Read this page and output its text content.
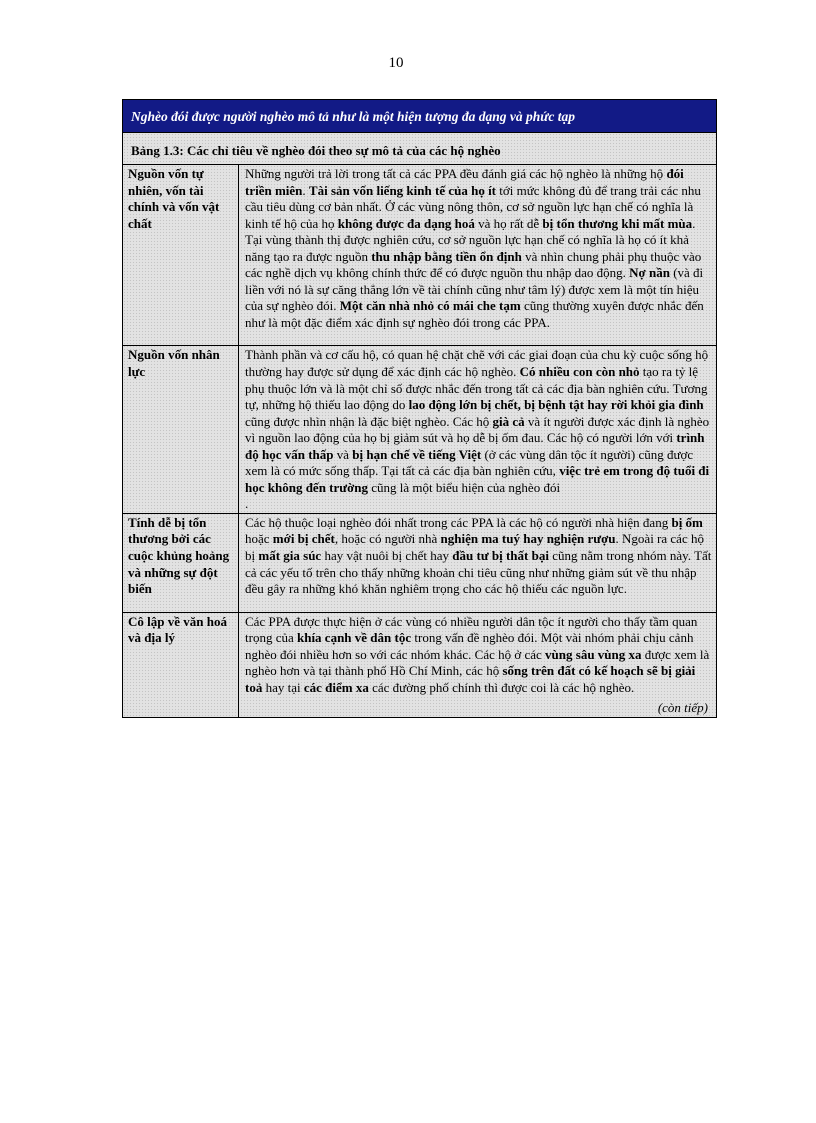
10
Nghèo đói được người nghèo mô tả như là một hiện tượng đa dạng và phức tạp
Bảng 1.3: Các chỉ tiêu về nghèo đói theo sự mô tả của các hộ nghèo
Nguồn vốn tự nhiên, vốn tài chính và vốn vật chất	Những người trả lời trong tất cả các PPA đều đánh giá các hộ nghèo là những hộ đói triền miên. Tài sản vốn liếng kinh tế của họ ít tới mức không đủ để trang trải các nhu cầu tiêu dùng cơ bản nhất. Ở các vùng nông thôn, cơ sở nguồn lực hạn chế có nghĩa là kinh tế hộ của họ không được đa dạng hoá và họ rất dễ bị tổn thương khi mất mùa. Tại vùng thành thị được nghiên cứu, cơ sở nguồn lực hạn chế có nghĩa là họ có ít khả năng tạo ra được nguồn thu nhập bằng tiền ổn định và nhìn chung phải phụ thuộc vào các nghề dịch vụ không chính thức để có được nguồn thu nhập dao động. Nợ nần (và đi liền với nó là sự căng thẳng lớn về tài chính cũng như tâm lý) được xem là một tín hiệu của sự nghèo đói. Một căn nhà nhỏ có mái che tạm cũng thường xuyên được nhắc đến như là một đặc điểm xác định sự nghèo đói trong các PPA.

Nguồn vốn nhân lực	Thành phần và cơ cấu hộ, có quan hệ chặt chẽ với các giai đoạn của chu kỳ cuộc sống hộ thường hay được sử dụng để xác định các hộ nghèo. Có nhiều con còn nhỏ tạo ra tỷ lệ phụ thuộc lớn và là một chỉ số được nhắc đến trong tất cả các địa bàn nghiên cứu. Tương tự, những hộ thiếu lao động do lao động lớn bị chết, bị bệnh tật hay rời khỏi gia đình cũng được nhìn nhận là đặc biệt nghèo. Các hộ già cả và ít người được xác định là nghèo vì nguồn lao động của họ bị giảm sút và họ dễ bị ốm đau. Các hộ có người lớn với trình độ học vấn thấp và bị hạn chế về tiếng Việt (ở các vùng dân tộc ít người) cũng được xem là có mức sống thấp. Tại tất cả các địa bàn nghiên cứu, việc trẻ em trong độ tuổi đi học không đến trường cũng là một biểu hiện của nghèo đói
.

Tính dễ bị tổn thương bởi các cuộc khủng hoảng và những sự đột biến	Các hộ thuộc loại nghèo đói nhất trong các PPA là các hộ có người nhà hiện đang bị ốm hoặc mới bị chết, hoặc có người nhà nghiện ma tuý hay nghiện rượu. Ngoài ra các hộ bị mất gia súc hay vật nuôi bị chết hay đầu tư bị thất bại cũng nằm trong nhóm này. Tất cả các yếu tố trên cho thấy những khoản chi tiêu cũng như những giảm sút về thu nhập đều gây ra những khó khăn nghiêm trọng cho các hộ thiếu các nguồn lực.

Cô lập về văn hoá và địa lý	Các PPA được thực hiện ở các vùng có nhiều người dân tộc ít người cho thấy tầm quan trọng của khía cạnh về dân tộc trong vấn đề nghèo đói. Một vài nhóm phải chịu cảnh nghèo đói nhiều hơn so với các nhóm khác. Các hộ ở các vùng sâu vùng xa được xem là nghèo hơn và tại thành phố Hồ Chí Minh, các hộ sống trên đất có kế hoạch sẽ bị giải toả hay tại các điểm xa các đường phố chính thì được coi là các hộ nghèo.
(còn tiếp)
